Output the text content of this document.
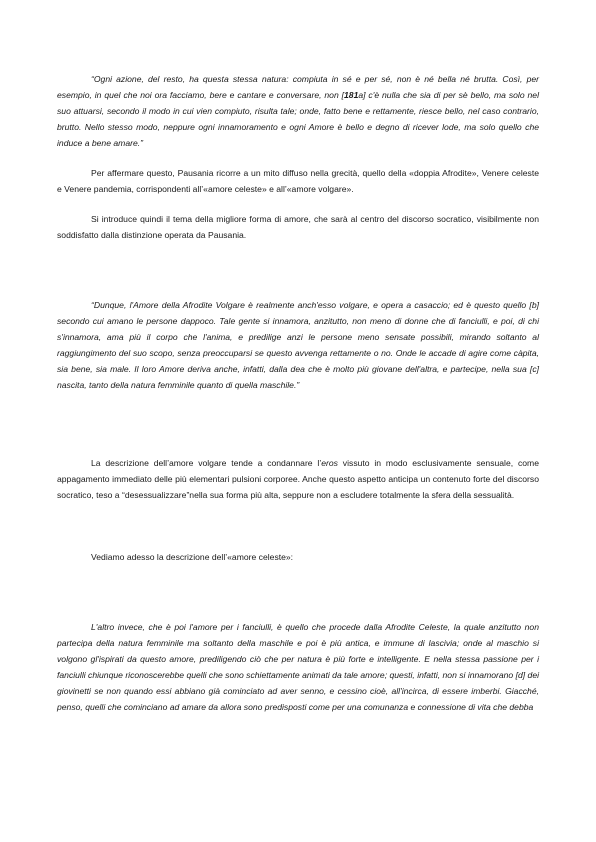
“Ogni azione, del resto, ha questa stessa natura: compiuta in sé e per sé, non è né bella né brutta. Così, per esempio, in quel che noi ora facciamo, bere e cantare e conversare, non [181a] c'è nulla che sia di per sè bello, ma solo nel suo attuarsi, secondo il modo in cui vien compiuto, risulta tale; onde, fatto bene e rettamente, riesce bello, nel caso contrario, brutto. Nello stesso modo, neppure ogni innamoramento e ogni Amore è bello e degno di ricever lode, ma solo quello che induce a bene amare.”

Per affermare questo, Pausania ricorre a un mito diffuso nella grecità, quello della «doppia Afrodite», Venere celeste e Venere pandemia, corrispondenti all’«amore celeste» e all’«amore volgare».

Si introduce quindi il tema della migliore forma di amore, che sarà al centro del discorso socratico, visibilmente non soddisfatto dalla distinzione operata da Pausania.

“Dunque, l'Amore della Afrodite Volgare è realmente anch'esso volgare, e opera a casaccio; ed è questo quello [b] secondo cui amano le persone dappoco. Tale gente si innamora, anzitutto, non meno di donne che di fanciulli, e poi, di chi s'innamora, ama più il corpo che l'anima, e predilige anzi le persone meno sensate possibili, mirando soltanto al raggiungimento del suo scopo, senza preoccuparsi se questo avvenga rettamente o no. Onde le accade di agire come càpita, sia bene, sia male. Il loro Amore deriva anche, infatti, dalla dea che è molto più giovane dell'altra, e partecipe, nella sua [c] nascita, tanto della natura femminile quanto di quella maschile.”

La descrizione dell’amore volgare tende a condannare l’eros vissuto in modo esclusivamente sensuale, come appagamento immediato delle più elementari pulsioni corporee. Anche questo aspetto anticipa un contenuto forte del discorso socratico, teso a “desessualizzare”nella sua forma più alta, seppure non a escludere totalmente la sfera della sessualità.

Vediamo adesso la descrizione dell’«amore celeste»:

L'altro invece, che è poi l'amore per i fanciulli, è quello che procede dalla Afrodite Celeste, la quale anzitutto non partecipa della natura femminile ma soltanto della maschile e poi è più antica, e immune di lascivia; onde al maschio si volgono gl'ispirati da questo amore, prediligendo ciò che per natura è più forte e intelligente. E nella stessa passione per i fanciulli chiunque riconoscerebbe quelli che sono schiettamente animati da tale amore; questi, infatti, non si innamorano [d] dei giovinetti se non quando essi abbiano già cominciato ad aver senno, e cessino cioè, all'incirca, di essere imberbi. Giacché, penso, quelli che cominciano ad amare da allora sono predisposti come per una comunanza e connessione di vita che debba
